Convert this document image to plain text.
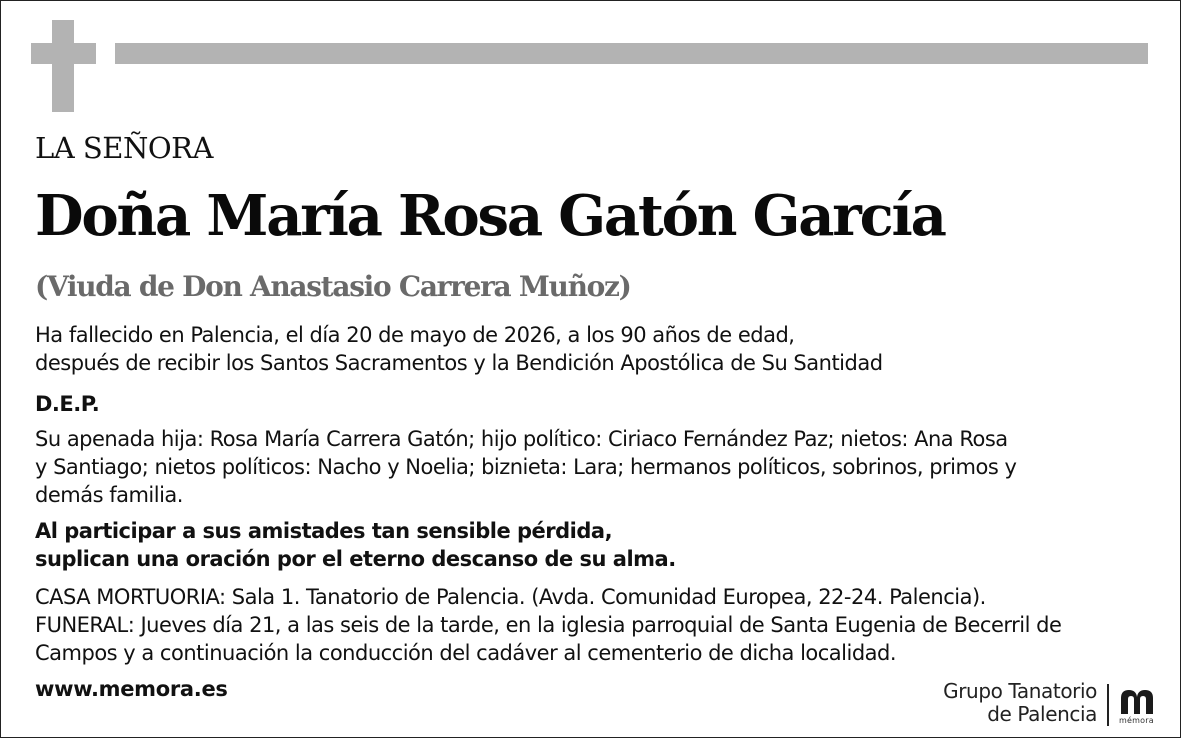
LA SEÑORA

Doña María Rosa Gatón García
(Viuda de Don Anastasio Carrera Muñoz)
Ha fallecido en Palencia, el día 20 de mayo de 2026, a los 90 años de edad,
después de recibir los Santos Sacramentos y la Bendición Apostólica de Su Santidad
D.E.P.
Su apenada hija: Rosa María Carrera Gatón; hijo político: Ciriaco Fernández Paz; nietos: Ana Rosa
y Santiago; nietos políticos: Nacho y Noelia; biznieta: Lara; hermanos políticos, sobrinos, primos y
demás familia.
Al participar a sus amistades tan sensible pérdida,
suplican una oración por el eterno descanso de su alma.
CASA MORTUORIA: Sala 1. Tanatorio de Palencia. (Avda. Comunidad Europea, 22-24. Palencia).
FUNERAL: Jueves día 21, a las seis de la tarde, en la iglesia parroquial de Santa Eugenia de Becerril de
Campos y a continuación la conducción del cadáver al cementerio de dicha localidad.
www.memora.es	Grupo Tanatorio
de Palencia	mémora
